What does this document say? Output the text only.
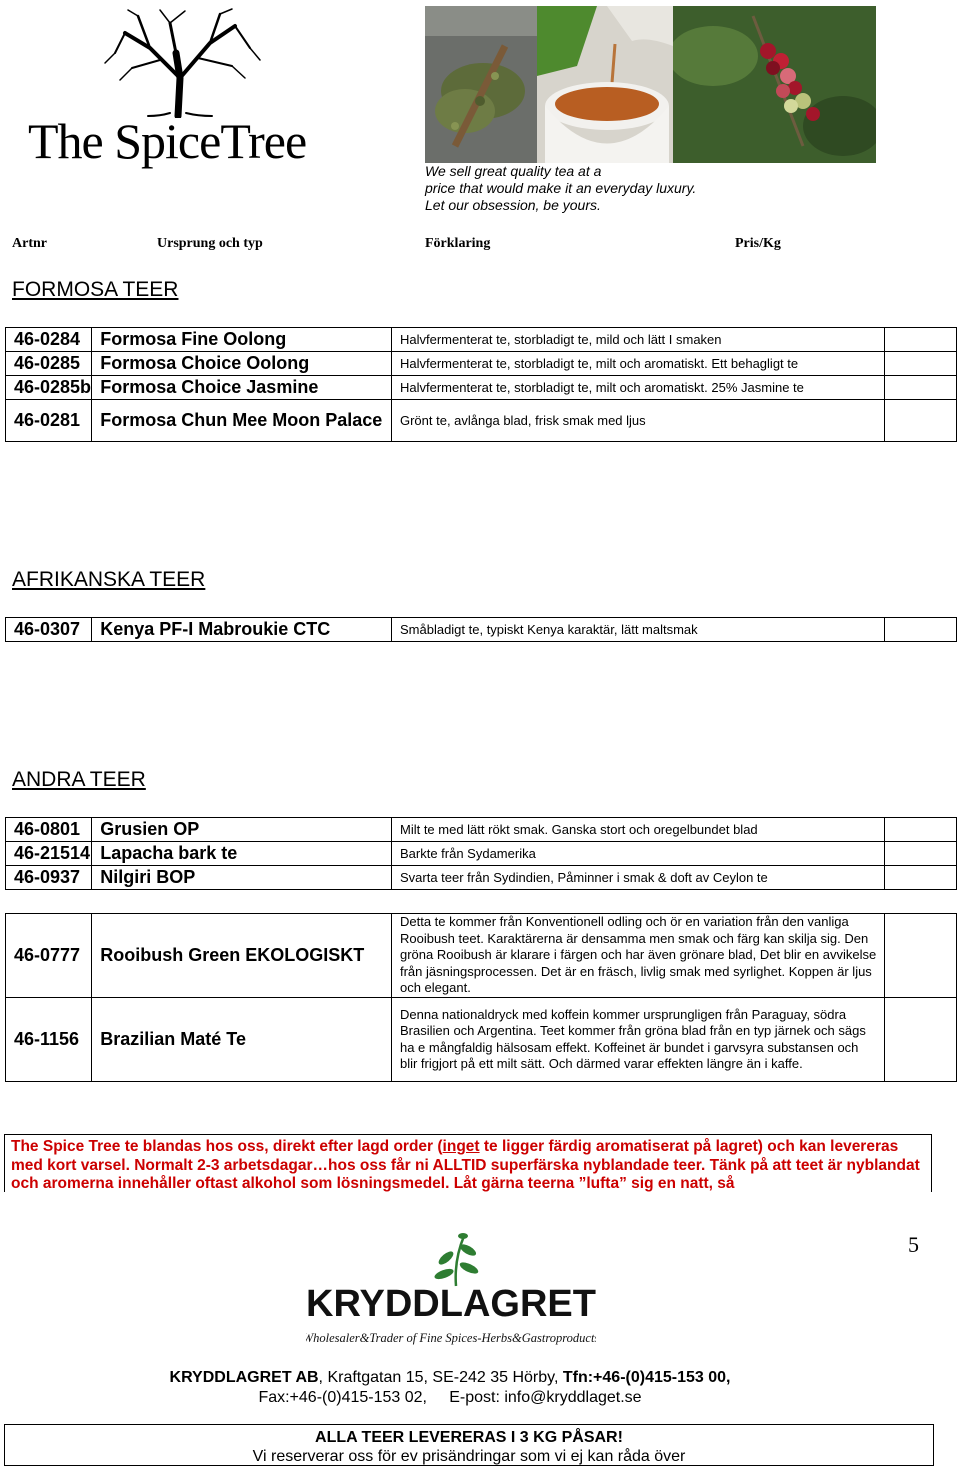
The SpiceTree
We sell great quality tea at a
price that would make it an everyday luxury.
Let our obsession, be yours.
Artnr	Ursprung och typ	Förklaring	Pris/Kg
FORMOSA TEER
46-0284	Formosa Fine Oolong	Halvfermenterat te, storbladigt te, mild och lätt I smaken	
46-0285	Formosa Choice Oolong	Halvfermenterat te, storbladigt te, milt och aromatiskt. Ett behagligt te	
46-0285b	Formosa Choice Jasmine	Halvfermenterat te, storbladigt te, milt och aromatiskt. 25% Jasmine te	
46-0281	Formosa Chun Mee Moon Palace	Grönt te, avlånga blad, frisk smak med ljus	
AFRIKANSKA TEER
46-0307	Kenya PF-I Mabroukie CTC	Småbladigt te, typiskt Kenya karaktär, lätt maltsmak	
ANDRA TEER
46-0801	Grusien OP	Milt te med lätt rökt smak. Ganska stort och oregelbundet blad	
46-21514	Lapacha bark te	Barkte från Sydamerika	
46-0937	Nilgiri BOP	Svarta teer från Sydindien, Påminner i smak & doft av Ceylon te	
46-0777	Rooibush Green EKOLOGISKT	Detta te kommer från Konventionell odling och ör en variation från den vanliga Rooibush teet. Karaktärerna är densamma men smak och färg kan skilja sig. Den gröna Rooibush är klarare i färgen och har även grönare blad, Det blir en avvikelse från jäsningsprocessen. Det är en fräsch, livlig smak med syrlighet. Koppen är ljus och elegant.	
46-1156	Brazilian Maté Te	Denna nationaldryck med koffein kommer ursprungligen från Paraguay, södra Brasilien och Argentina. Teet kommer från gröna blad från en typ järnek och sägs ha e mångfaldig hälsosam effekt. Koffeinet är bundet i garvsyra substansen och blir frigjort på ett milt sätt. Och därmed varar effekten längre än i kaffe.	
The Spice Tree te blandas hos oss, direkt efter lagd order (inget te ligger färdig aromatiserat på lagret) och kan levereras med kort varsel. Normalt 2-3 arbetsdagar…hos oss får ni ALLTID superfärska nyblandade teer. Tänk på att teet är nyblandat och aromerna innehåller oftast alkohol som lösningsmedel. Låt gärna teerna ”lufta” sig en natt, så
5
KRYDDLAGRET
Wholesaler&Trader of Fine Spices-Herbs&Gastroproducts
KRYDDLAGRET AB, Kraftgatan 15, SE-242 35 Hörby, Tfn:+46-(0)415-153 00,
Fax:+46-(0)415-153 02, E-post: info@kryddlaget.se
ALLA TEER LEVERERAS I 3 KG PÅSAR!
Vi reserverar oss för ev prisändringar som vi ej kan råda över
